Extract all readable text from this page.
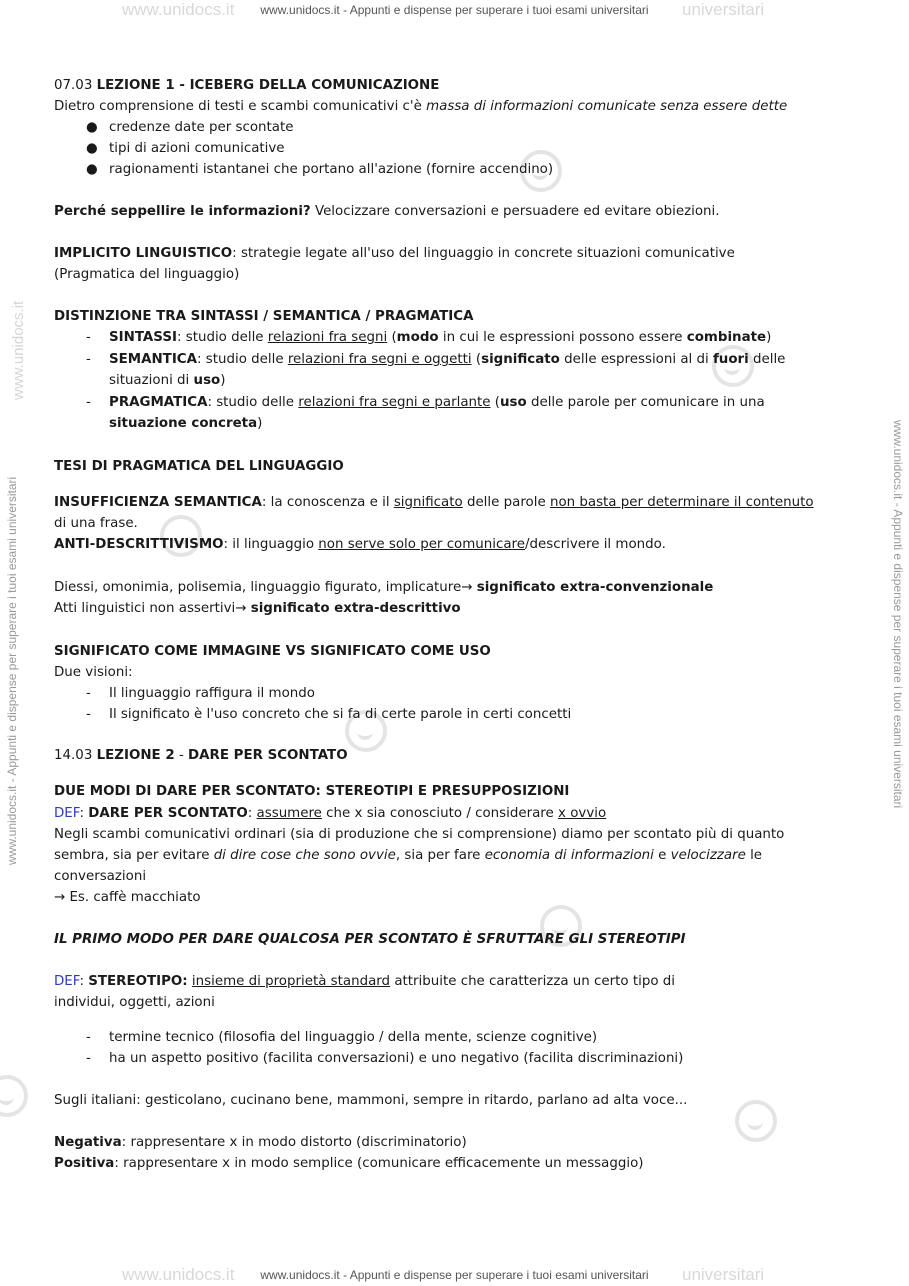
www.unidocs.it	universitari
www.unidocs.it - Appunti e dispense per superare i tuoi esami universitari
www.unidocs.it	universitari
www.unidocs.it - Appunti e dispense per superare i tuoi esami universitari
www.unidocs.it - Appunti e dispense per superare i tuoi esami universitari	www.unidocs.it - Appunti e dispense per superare i tuoi esami universitari
www.unidocs.it
07.03 LEZIONE 1 - ICEBERG DELLA COMUNICAZIONE
Dietro comprensione di testi e scambi comunicativi c'è massa di informazioni comunicate senza essere dette
● credenze date per scontate
● tipi di azioni comunicative
● ragionamenti istantanei che portano all'azione (fornire accendino)
Perché seppellire le informazioni? Velocizzare conversazioni e persuadere ed evitare obiezioni.
IMPLICITO LINGUISTICO: strategie legate all'uso del linguaggio in concrete situazioni comunicative
(Pragmatica del linguaggio)
DISTINZIONE TRA SINTASSI / SEMANTICA / PRAGMATICA
- SINTASSI: studio delle relazioni fra segni (modo in cui le espressioni possono essere combinate)
- SEMANTICA: studio delle relazioni fra segni e oggetti (significato delle espressioni al di fuori delle
situazioni di uso)
- PRAGMATICA: studio delle relazioni fra segni e parlante (uso delle parole per comunicare in una
situazione concreta)
TESI DI PRAGMATICA DEL LINGUAGGIO
INSUFFICIENZA SEMANTICA: la conoscenza e il significato delle parole non basta per determinare il contenuto
di una frase.
ANTI-DESCRITTIVISMO: il linguaggio non serve solo per comunicare/descrivere il mondo.
Diessi, omonimia, polisemia, linguaggio figurato, implicature→ significato extra-convenzionale
Atti linguistici non assertivi→ significato extra-descrittivo
SIGNIFICATO COME IMMAGINE VS SIGNIFICATO COME USO
Due visioni:
- Il linguaggio raffigura il mondo
- Il significato è l'uso concreto che si fa di certe parole in certi concetti
14.03 LEZIONE 2 - DARE PER SCONTATO
DUE MODI DI DARE PER SCONTATO: STEREOTIPI E PRESUPPOSIZIONI
DEF: DARE PER SCONTATO: assumere che x sia conosciuto / considerare x ovvio
Negli scambi comunicativi ordinari (sia di produzione che si comprensione) diamo per scontato più di quanto
sembra, sia per evitare di dire cose che sono ovvie, sia per fare economia di informazioni e velocizzare le
conversazioni
→ Es. caffè macchiato
IL PRIMO MODO PER DARE QUALCOSA PER SCONTATO È SFRUTTARE GLI STEREOTIPI
DEF: STEREOTIPO: insieme di proprietà standard attribuite che caratterizza un certo tipo di
individui, oggetti, azioni
- termine tecnico (filosofia del linguaggio / della mente, scienze cognitive)
- ha un aspetto positivo (facilita conversazioni) e uno negativo (facilita discriminazioni)
Sugli italiani: gesticolano, cucinano bene, mammoni, sempre in ritardo, parlano ad alta voce...
Negativa: rappresentare x in modo distorto (discriminatorio)
Positiva: rappresentare x in modo semplice (comunicare efficacemente un messaggio)
